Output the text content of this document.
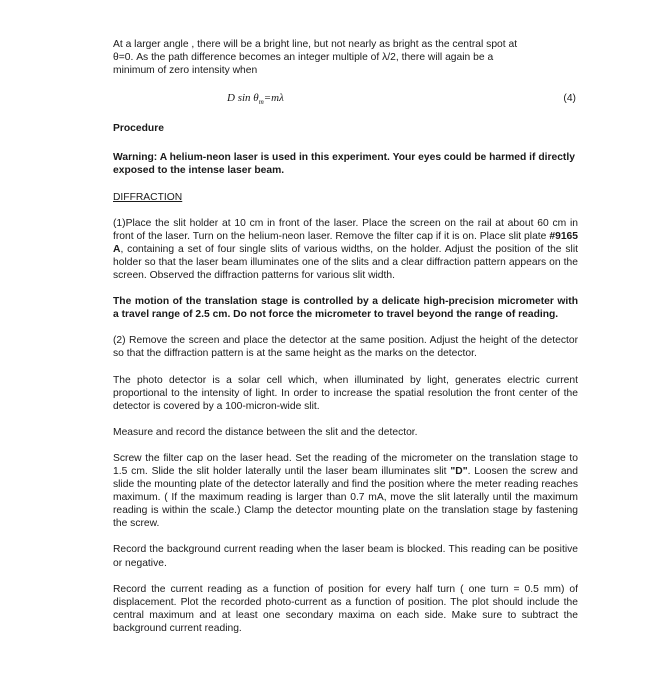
At a larger angle , there will be a bright line, but not nearly as bright as the central spot at

θ=0. As the path difference becomes an integer multiple of λ/2, there will again be a

minimum of zero intensity when

D $\sin \theta_m=m\lambda$	(4)

Procedure

Warning: A helium-neon laser is used in this experiment. Your eyes could be harmed if directly exposed to the intense laser beam.

DIFFRACTION

(1)Place the slit holder at 10 cm in front of the laser. Place the screen on the rail at about 60 cm in front of the laser. Turn on the helium-neon laser. Remove the filter cap if it is on. Place slit plate #9165 A, containing a set of four single slits of various widths, on the holder. Adjust the position of the slit holder so that the laser beam illuminates one of the slits and a clear diffraction pattern appears on the screen. Observed the diffraction patterns for various slit width.

The motion of the translation stage is controlled by a delicate high-precision micrometer with a travel range of 2.5 cm. Do not force the micrometer to travel beyond the range of reading.

(2) Remove the screen and place the detector at the same position. Adjust the height of the detector so that the diffraction pattern is at the same height as the marks on the detector.

The photo detector is a solar cell which, when illuminated by light, generates electric current proportional to the intensity of light. In order to increase the spatial resolution the front center of the detector is covered by a 100-micron-wide slit.

Measure and record the distance between the slit and the detector.

Screw the filter cap on the laser head. Set the reading of the micrometer on the translation stage to 1.5 cm. Slide the slit holder laterally until the laser beam illuminates slit "D". Loosen the screw and slide the mounting plate of the detector laterally and find the position where the meter reading reaches maximum. ( If the maximum reading is larger than 0.7 mA, move the slit laterally until the maximum reading is within the scale.) Clamp the detector mounting plate on the translation stage by fastening the screw.

Record the background current reading when the laser beam is blocked. This reading can be positive or negative.

Record the current reading as a function of position for every half turn ( one turn = 0.5 mm) of displacement. Plot the recorded photo-current as a function of position. The plot should include the central maximum and at least one secondary maxima on each side. Make sure to subtract the background current reading.
